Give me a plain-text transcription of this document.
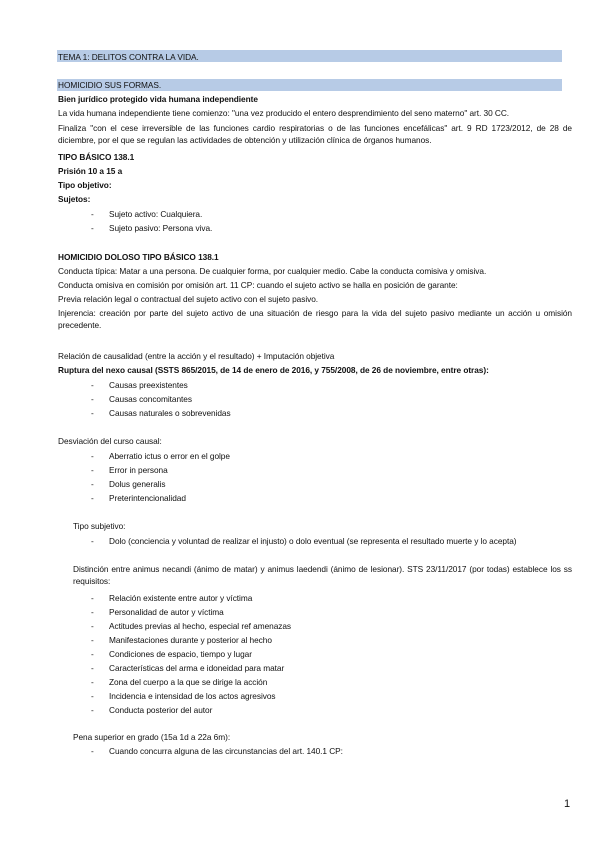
TEMA 1: DELITOS CONTRA LA VIDA.
HOMICIDIO SUS FORMAS.
Bien jurídico protegido vida humana independiente
La vida humana independiente tiene comienzo: "una vez producido el entero desprendimiento del seno materno" art. 30 CC.
Finaliza "con el cese irreversible de las funciones cardio respiratorias o de las funciones encefálicas" art. 9 RD 1723/2012, de 28 de diciembre, por el que se regulan las actividades de obtención y utilización clínica de órganos humanos.
TIPO BÁSICO 138.1
Prisión 10 a 15 a
Tipo objetivo:
Sujetos:
- Sujeto activo: Cualquiera.
- Sujeto pasivo: Persona viva.
HOMICIDIO DOLOSO TIPO BÁSICO 138.1
Conducta típica: Matar a una persona. De cualquier forma, por cualquier medio. Cabe la conducta comisiva y omisiva.
Conducta omisiva en comisión por omisión art. 11 CP: cuando el sujeto activo se halla en posición de garante:
Previa relación legal o contractual del sujeto activo con el sujeto pasivo.
Injerencia: creación por parte del sujeto activo de una situación de riesgo para la vida del sujeto pasivo mediante un acción u omisión precedente.
Relación de causalidad (entre la acción y el resultado) + Imputación objetiva
Ruptura del nexo causal (SSTS 865/2015, de 14 de enero de 2016, y 755/2008, de 26 de noviembre, entre otras):
- Causas preexistentes
- Causas concomitantes
- Causas naturales o sobrevenidas
Desviación del curso causal:
- Aberratio ictus o error en el golpe
- Error in persona
- Dolus generalis
- Preterintencionalidad
Tipo subjetivo:
- Dolo (conciencia y voluntad de realizar el injusto) o dolo eventual (se representa el resultado muerte y lo acepta)
Distinción entre animus necandi (ánimo de matar) y animus laedendi (ánimo de lesionar). STS 23/11/2017 (por todas) establece los ss requisitos:
- Relación existente entre autor y víctima
- Personalidad de autor y víctima
- Actitudes previas al hecho, especial ref amenazas
- Manifestaciones durante y posterior al hecho
- Condiciones de espacio, tiempo y lugar
- Características del arma e idoneidad para matar
- Zona del cuerpo a la que se dirige la acción
- Incidencia e intensidad de los actos agresivos
- Conducta posterior del autor
Pena superior en grado (15a 1d a 22a 6m):
- Cuando concurra alguna de las circunstancias del art. 140.1 CP:
1
